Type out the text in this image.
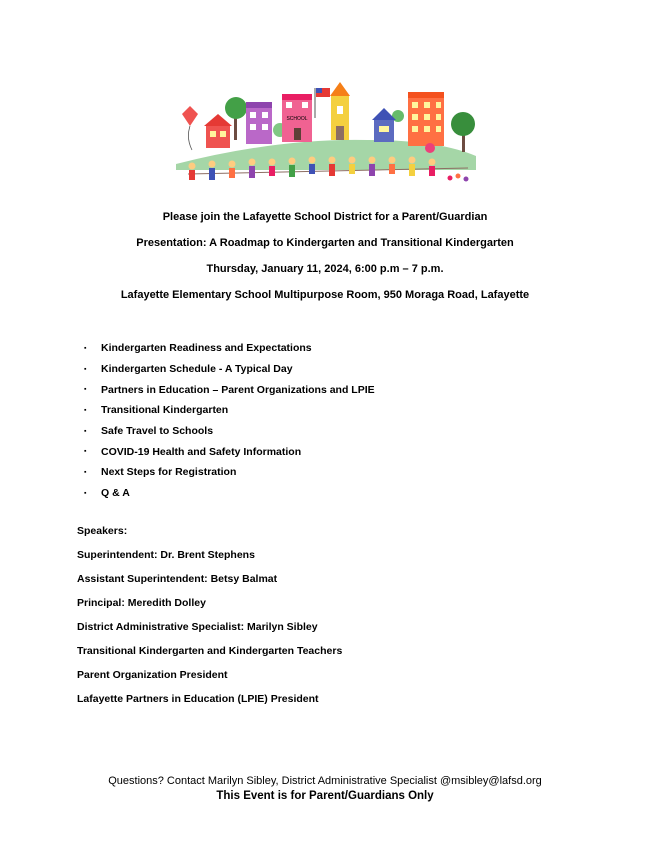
SCHOOL
Please join the Lafayette School District for a Parent/Guardian
Presentation: A Roadmap to Kindergarten and Transitional Kindergarten
Thursday, January 11, 2024, 6:00 p.m – 7 p.m.
Lafayette Elementary School Multipurpose Room, 950 Moraga Road, Lafayette
▪	Kindergarten Readiness and Expectations
▪	Kindergarten Schedule - A Typical Day
▪	Partners in Education – Parent Organizations and LPIE
▪	Transitional Kindergarten
▪	Safe Travel to Schools
▪	COVID-19 Health and Safety Information
▪	Next Steps for Registration
▪	Q & A
Speakers:
Superintendent: Dr. Brent Stephens
Assistant Superintendent: Betsy Balmat
Principal: Meredith Dolley
District Administrative Specialist: Marilyn Sibley
Transitional Kindergarten and Kindergarten Teachers
Parent Organization President
Lafayette Partners in Education (LPIE) President
Questions? Contact Marilyn Sibley, District Administrative Specialist @msibley@lafsd.org
This Event is for Parent/Guardians Only
